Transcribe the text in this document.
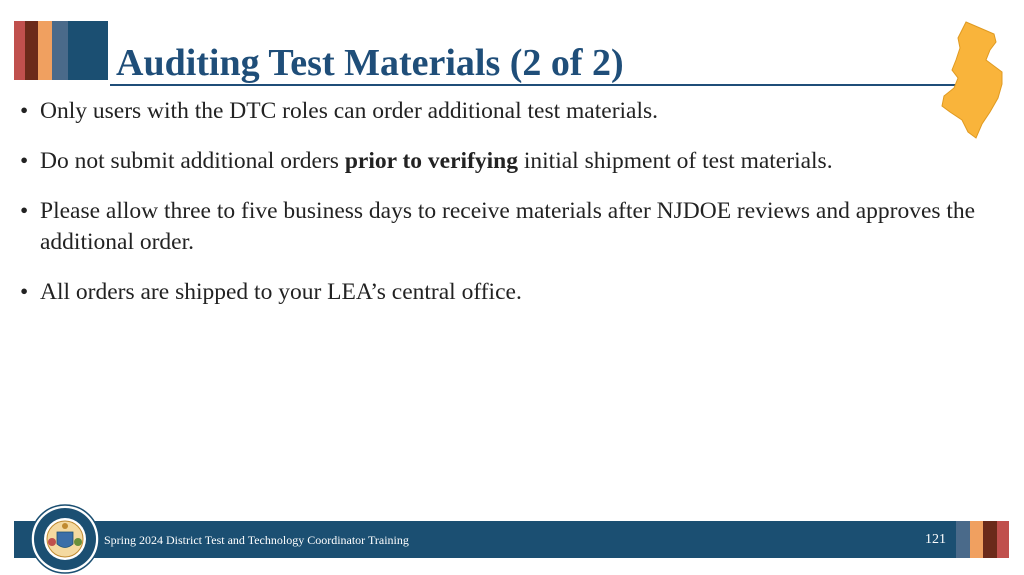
Auditing Test Materials (2 of 2)
• Only users with the DTC roles can order additional test materials.
• Do not submit additional orders prior to verifying initial shipment of test materials.
• Please allow three to five business days to receive materials after NJDOE reviews and approves the additional order.
• All orders are shipped to your LEA’s central office.
Spring 2024 District Test and Technology Coordinator Training	121
